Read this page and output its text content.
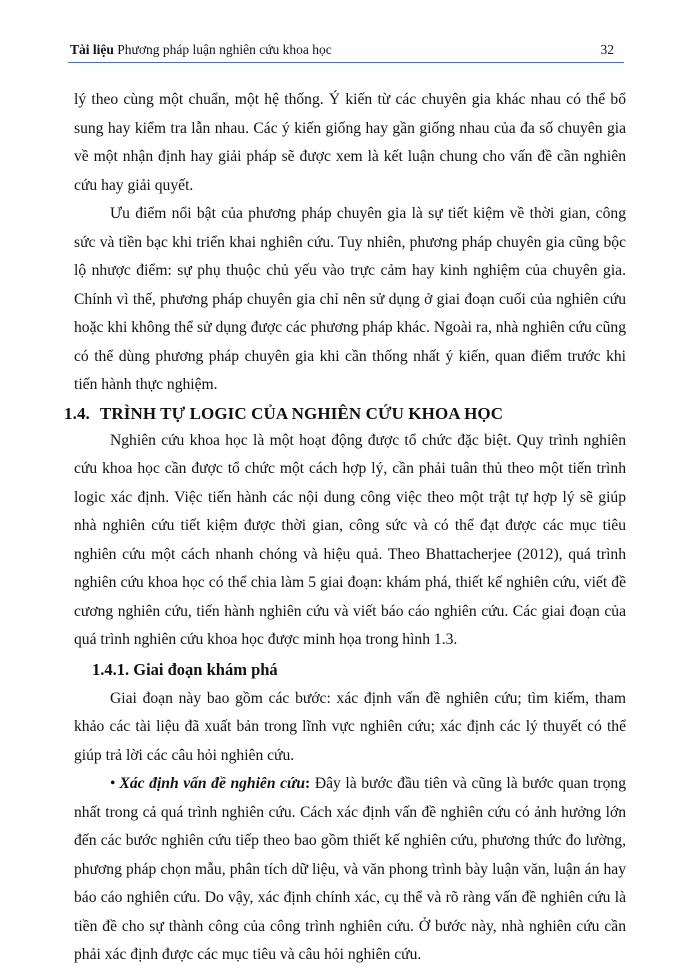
Tài liệu Phương pháp luận nghiên cứu khoa học	32

lý theo cùng một chuẩn, một hệ thống. Ý kiến từ các chuyên gia khác nhau có thể bổ sung hay kiểm tra lẫn nhau. Các ý kiến giống hay gần giống nhau của đa số chuyên gia về một nhận định hay giải pháp sẽ được xem là kết luận chung cho vấn đề cần nghiên cứu hay giải quyết.

Ưu điểm nổi bật của phương pháp chuyên gia là sự tiết kiệm về thời gian, công sức và tiền bạc khi triển khai nghiên cứu. Tuy nhiên, phương pháp chuyên gia cũng bộc lộ nhược điểm: sự phụ thuộc chủ yếu vào trực cảm hay kinh nghiệm của chuyên gia. Chính vì thế, phương pháp chuyên gia chỉ nên sử dụng ở giai đoạn cuối của nghiên cứu hoặc khi không thể sử dụng được các phương pháp khác. Ngoài ra, nhà nghiên cứu cũng có thể dùng phương pháp chuyên gia khi cần thống nhất ý kiến, quan điểm trước khi tiến hành thực nghiệm.

1.4. TRÌNH TỰ LOGIC CỦA NGHIÊN CỨU KHOA HỌC

Nghiên cứu khoa học là một hoạt động được tổ chức đặc biệt. Quy trình nghiên cứu khoa học cần được tổ chức một cách hợp lý, cần phải tuân thủ theo một tiến trình logic xác định. Việc tiến hành các nội dung công việc theo một trật tự hợp lý sẽ giúp nhà nghiên cứu tiết kiệm được thời gian, công sức và có thể đạt được các mục tiêu nghiên cứu một cách nhanh chóng và hiệu quả. Theo Bhattacherjee (2012), quá trình nghiên cứu khoa học có thể chia làm 5 giai đoạn: khám phá, thiết kế nghiên cứu, viết đề cương nghiên cứu, tiến hành nghiên cứu và viết báo cáo nghiên cứu. Các giai đoạn của quá trình nghiên cứu khoa học được minh họa trong hình 1.3.

1.4.1. Giai đoạn khám phá

Giai đoạn này bao gồm các bước: xác định vấn đề nghiên cứu; tìm kiếm, tham khảo các tài liệu đã xuất bản trong lĩnh vực nghiên cứu; xác định các lý thuyết có thể giúp trả lời các câu hỏi nghiên cứu.

• Xác định vấn đề nghiên cứu: Đây là bước đầu tiên và cũng là bước quan trọng nhất trong cả quá trình nghiên cứu. Cách xác định vấn đề nghiên cứu có ảnh hưởng lớn đến các bước nghiên cứu tiếp theo bao gồm thiết kế nghiên cứu, phương thức đo lường, phương pháp chọn mẫu, phân tích dữ liệu, và văn phong trình bày luận văn, luận án hay báo cáo nghiên cứu. Do vậy, xác định chính xác, cụ thể và rõ ràng vấn đề nghiên cứu là tiền đề cho sự thành công của công trình nghiên cứu. Ở bước này, nhà nghiên cứu cần phải xác định được các mục tiêu và câu hỏi nghiên cứu.
